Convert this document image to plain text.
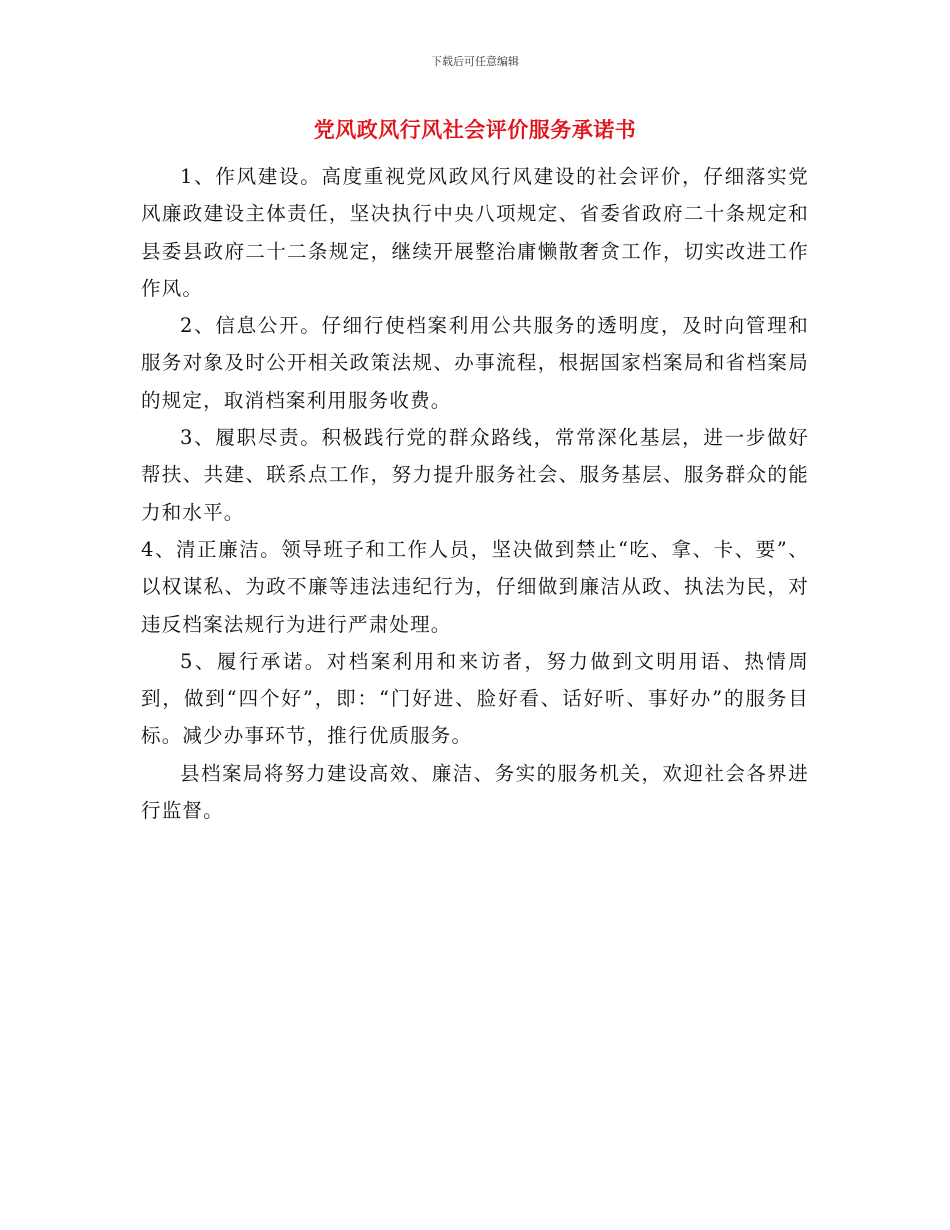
下载后可任意编辑
党风政风行风社会评价服务承诺书

1、作风建设。高度重视党风政风行风建设的社会评价，仔细落实党风廉政建设主体责任，坚决执行中央八项规定、省委省政府二十条规定和县委县政府二十二条规定，继续开展整治庸懒散奢贪工作，切实改进工作作风。

2、信息公开。仔细行使档案利用公共服务的透明度，及时向管理和服务对象及时公开相关政策法规、办事流程，根据国家档案局和省档案局的规定，取消档案利用服务收费。

3、履职尽责。积极践行党的群众路线，常常深化基层，进一步做好帮扶、共建、联系点工作，努力提升服务社会、服务基层、服务群众的能力和水平。

4、清正廉洁。领导班子和工作人员，坚决做到禁止“吃、拿、卡、要”、以权谋私、为政不廉等违法违纪行为，仔细做到廉洁从政、执法为民，对违反档案法规行为进行严肃处理。

5、履行承诺。对档案利用和来访者，努力做到文明用语、热情周到，做到“四个好”，即：“门好进、脸好看、话好听、事好办”的服务目标。减少办事环节，推行优质服务。

县档案局将努力建设高效、廉洁、务实的服务机关，欢迎社会各界进行监督。
